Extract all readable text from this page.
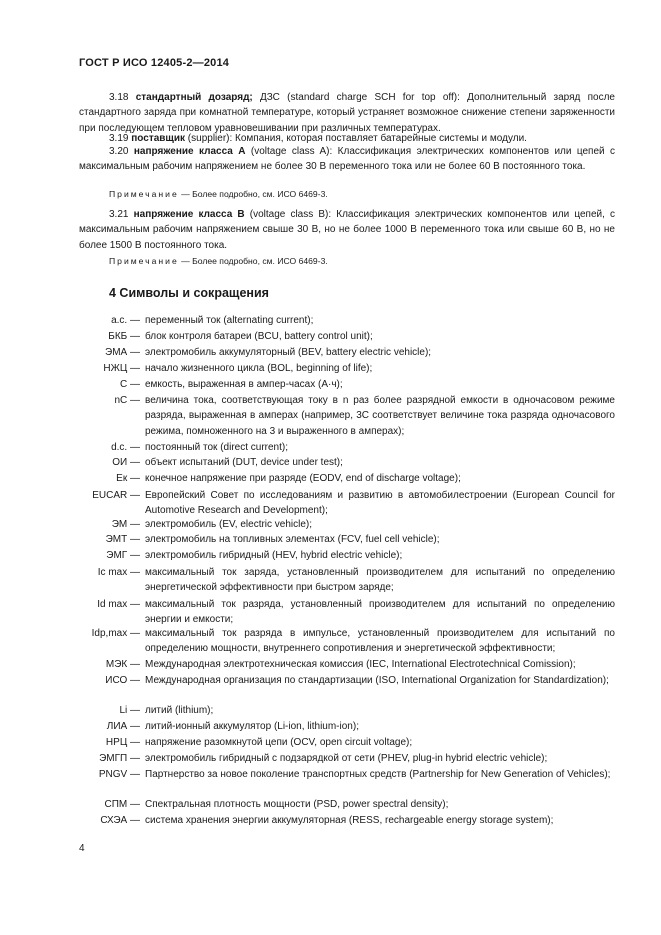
ГОСТ Р ИСО 12405-2—2014
3.18 стандартный дозаряд; ДЗС (standard charge SCH for top off): Дополнительный заряд после стандартного заряда при комнатной температуре, который устраняет возможное снижение степени заряженности при последующем тепловом уравновешивании при различных температурах.
3.19 поставщик (supplier): Компания, которая поставляет батарейные системы и модули.
3.20 напряжение класса А (voltage class A): Классификация электрических компонентов или цепей с максимальным рабочим напряжением не более 30 В переменного тока или не более 60 В постоянного тока.
Примечание — Более подробно, см. ИСО 6469-3.
3.21 напряжение класса В (voltage class B): Классификация электрических компонентов или цепей, с максимальным рабочим напряжением свыше 30 В, но не более 1000 В переменного тока или свыше 60 В, но не более 1500 В постоянного тока.
Примечание — Более подробно, см. ИСО 6469-3.
4 Символы и сокращения
a.c. — переменный ток (alternating current);
БКБ — блок контроля батареи (BCU, battery control unit);
ЭМА — электромобиль аккумуляторный (BEV, battery electric vehicle);
НЖЦ — начало жизненного цикла (BOL, beginning of life);
С — емкость, выраженная в ампер-часах (А·ч);
nС — величина тока, соответствующая току в n раз более разрядной емкости в одночасовом режиме разряда, выраженная в амперах (например, 3С соответствует величине тока разряда одночасового режима, помноженного на 3 и выраженного в амперах);
d.c. — постоянный ток (direct current);
ОИ — объект испытаний (DUT, device under test);
Eк — конечное напряжение при разряде (EODV, end of discharge voltage);
EUCAR — Европейский Совет по исследованиям и развитию в автомобилестроении (European Council for Automotive Research and Development);
ЭМ — электромобиль (EV, electric vehicle);
ЭМТ — электромобиль на топливных элементах (FCV, fuel cell vehicle);
ЭМГ — электромобиль гибридный (HEV, hybrid electric vehicle);
Ic max — максимальный ток заряда, установленный производителем для испытаний по определению энергетической эффективности при быстром заряде;
Id max — максимальный ток разряда, установленный производителем для испытаний по определению энергии и емкости;
Idp,max — максимальный ток разряда в импульсе, установленный производителем для испытаний по определению мощности, внутреннего сопротивления и энергетической эффективности;
МЭК — Международная электротехническая комиссия (IEC, International Electrotechnical Comission);
ИСО — Международная организация по стандартизации (ISO, International Organization for Standardization);
Li — литий (lithium);
ЛИА — литий-ионный аккумулятор (Li-ion, lithium-ion);
НРЦ — напряжение разомкнутой цепи (OCV, open circuit voltage);
ЭМГП — электромобиль гибридный с подзарядкой от сети (PHEV, plug-in hybrid electric vehicle);
PNGV — Партнерство за новое поколение транспортных средств (Partnership for New Generation of Vehicles);
СПМ — Спектральная плотность мощности (PSD, power spectral density);
СХЭА — система хранения энергии аккумуляторная (RESS, rechargeable energy storage system);
4
